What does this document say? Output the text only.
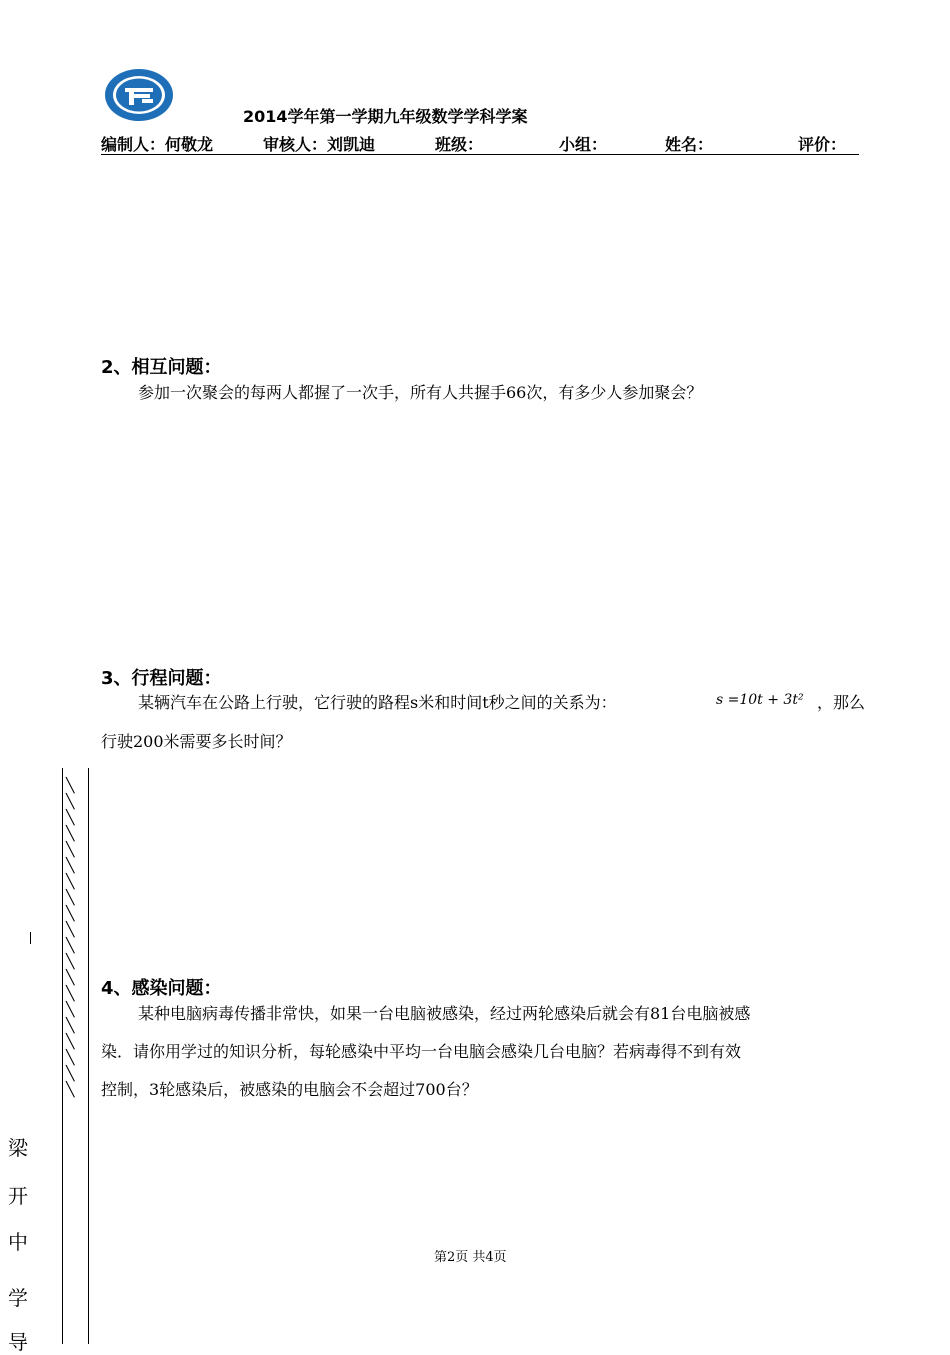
2014学年第一学期九年级数学学科学案
编制人：何敬龙	审核人：刘凯迪	班级：	小组：	姓名：	评价：
2、相互问题：
参加一次聚会的每两人都握了一次手，所有人共握手66次，有多少人参加聚会？
3、行程问题：
某辆汽车在公路上行驶，它行驶的路程s米和时间t秒之间的关系为：	s =10t + 3t² ，那么
行驶200米需要多长时间？
4、感染问题：
某种电脑病毒传播非常快，如果一台电脑被感染，经过两轮感染后就会有81台电脑被感
染．请你用学过的知识分析，每轮感染中平均一台电脑会感染几台电脑？若病毒得不到有效
控制，3轮感染后，被感染的电脑会不会超过700台？
╲
╲
╲
╲
╲
╲
╲
╲
╲
╲
╲
╲
╲
╲
╲
╲
╲
╲
╲
╲
梁
开
中
学
导
第2页 共4页
